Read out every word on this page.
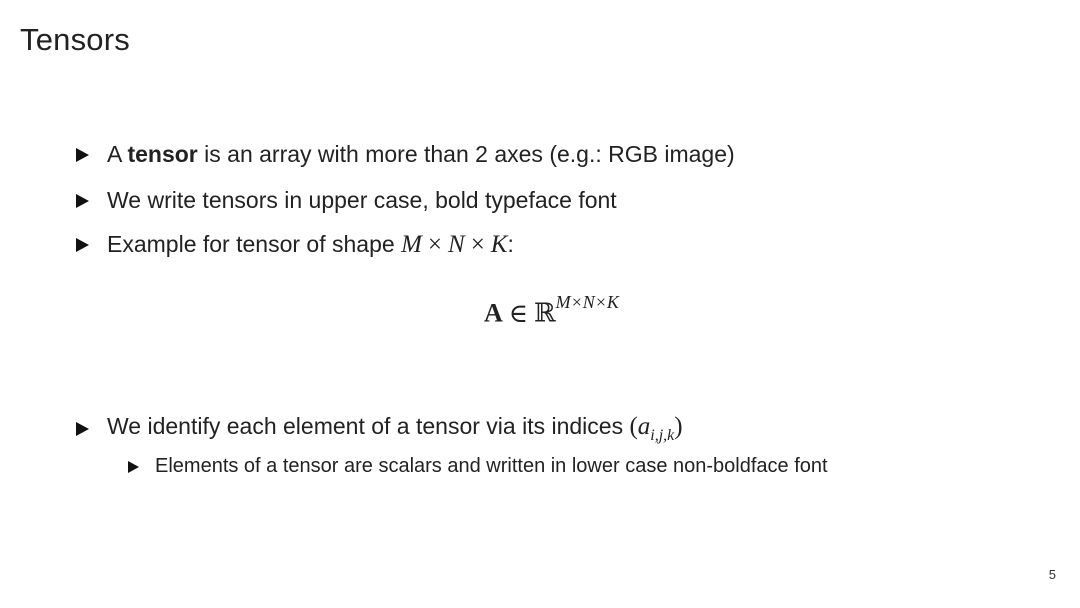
Tensors
A tensor is an array with more than 2 axes (e.g.: RGB image)
We write tensors in upper case, bold typeface font
Example for tensor of shape M × N × K:
A ∈ ℝ$^{M\times N\times K}$
We identify each element of a tensor via its indices $(a_{i,j,k})$
Elements of a tensor are scalars and written in lower case non-boldface font
5
